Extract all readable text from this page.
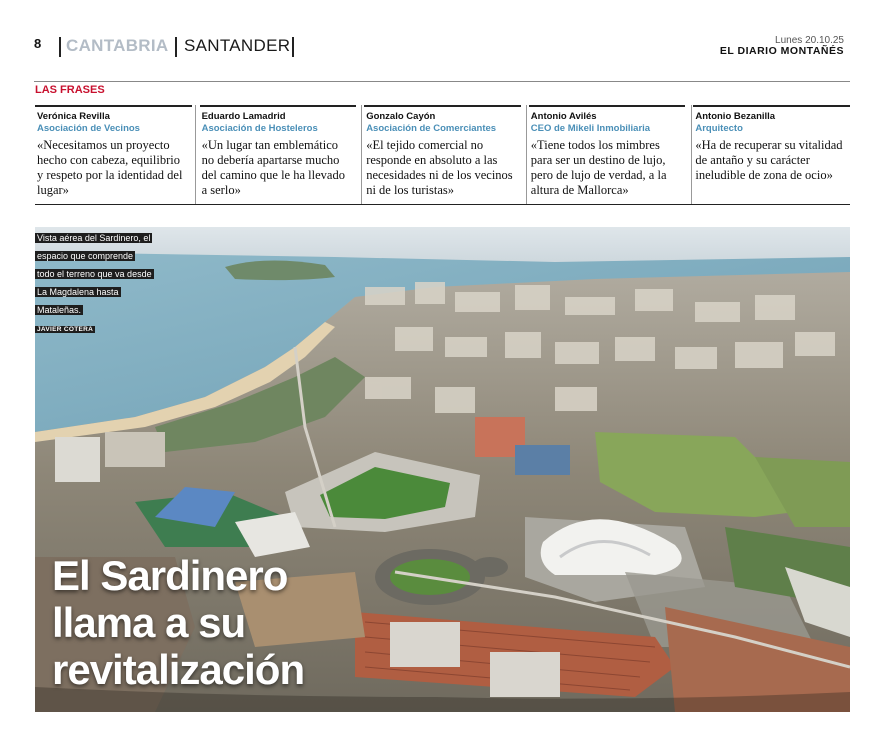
8 CANTABRIA SANTANDER	Lunes 20.10.25
EL DIARIO MONTAÑÉS
LAS FRASES
Verónica Revilla
Asociación de Vecinos
«Necesitamos un proyecto hecho con cabeza, equilibrio y respeto por la identidad del lugar»
Eduardo Lamadrid
Asociación de Hosteleros
«Un lugar tan emblemático no debería apartarse mucho del camino que le ha llevado a serlo»
Gonzalo Cayón
Asociación de Comerciantes
«El tejido comercial no responde en absoluto a las necesidades ni de los vecinos ni de los turistas»
Antonio Avilés
CEO de Mikeli Inmobiliaria
«Tiene todos los mimbres para ser un destino de lujo, pero de lujo de verdad, a la altura de Mallorca»
Antonio Bezanilla
Arquitecto
«Ha de recuperar su vitalidad de antaño y su carácter ineludible de zona de ocio»
Vista aérea del Sardinero, el espacio que comprende todo el terreno que va desde La Magdalena hasta Mataleñas.
JAVIER COTERA
El Sardinero
llama a su
revitalización
